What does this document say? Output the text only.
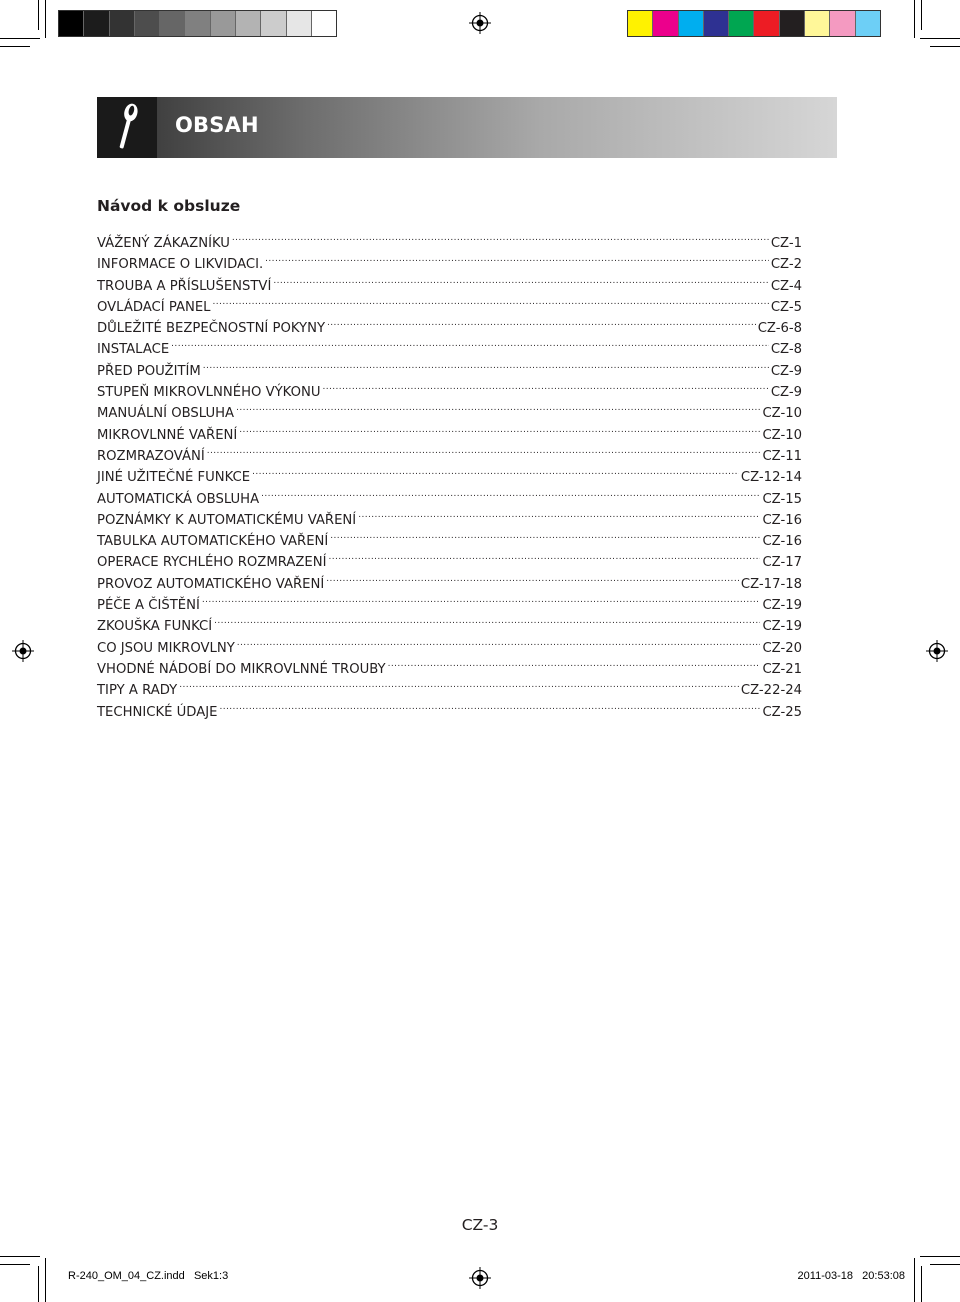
OBSAH
Návod k obsluze
VÁŽENÝ ZÁKAZNÍKU .....	CZ-1
INFORMACE O LIKVIDACI. .....	CZ-2
TROUBA A PŘÍSLUŠENSTVÍ .....	CZ-4
OVLÁDACÍ PANEL .....	CZ-5
DŮLEŽITÉ BEZPEČNOSTNÍ POKYNY .....	CZ-6-8
INSTALACE .....	CZ-8
PŘED POUŽITÍM .....	CZ-9
STUPEŇ MIKROVLNNÉHO VÝKONU .....	CZ-9
MANUÁLNÍ OBSLUHA .....	CZ-10
MIKROVLNNÉ VAŘENÍ .....	CZ-10
ROZMRAZOVÁNÍ .....	CZ-11
JINÉ UŽITEČNÉ FUNKCE .....	CZ-12-14
AUTOMATICKÁ OBSLUHA .....	CZ-15
POZNÁMKY K AUTOMATICKÉMU VAŘENÍ .....	CZ-16
TABULKA AUTOMATICKÉHO VAŘENÍ .....	CZ-16
OPERACE RYCHLÉHO ROZMRAZENÍ .....	CZ-17
PROVOZ AUTOMATICKÉHO VAŘENÍ .....	CZ-17-18
PÉČE A ČIŠTĚNÍ .....	CZ-19
ZKOUŠKA FUNKCÍ .....	CZ-19
CO JSOU MIKROVLNY .....	CZ-20
VHODNÉ NÁDOBÍ DO MIKROVLNNÉ TROUBY .....	CZ-21
TIPY A RADY .....	CZ-22-24
TECHNICKÉ ÚDAJE .....	CZ-25
CZ-3
R-240_OM_04_CZ.indd   Sek1:3	2011-03-18   20:53:08
